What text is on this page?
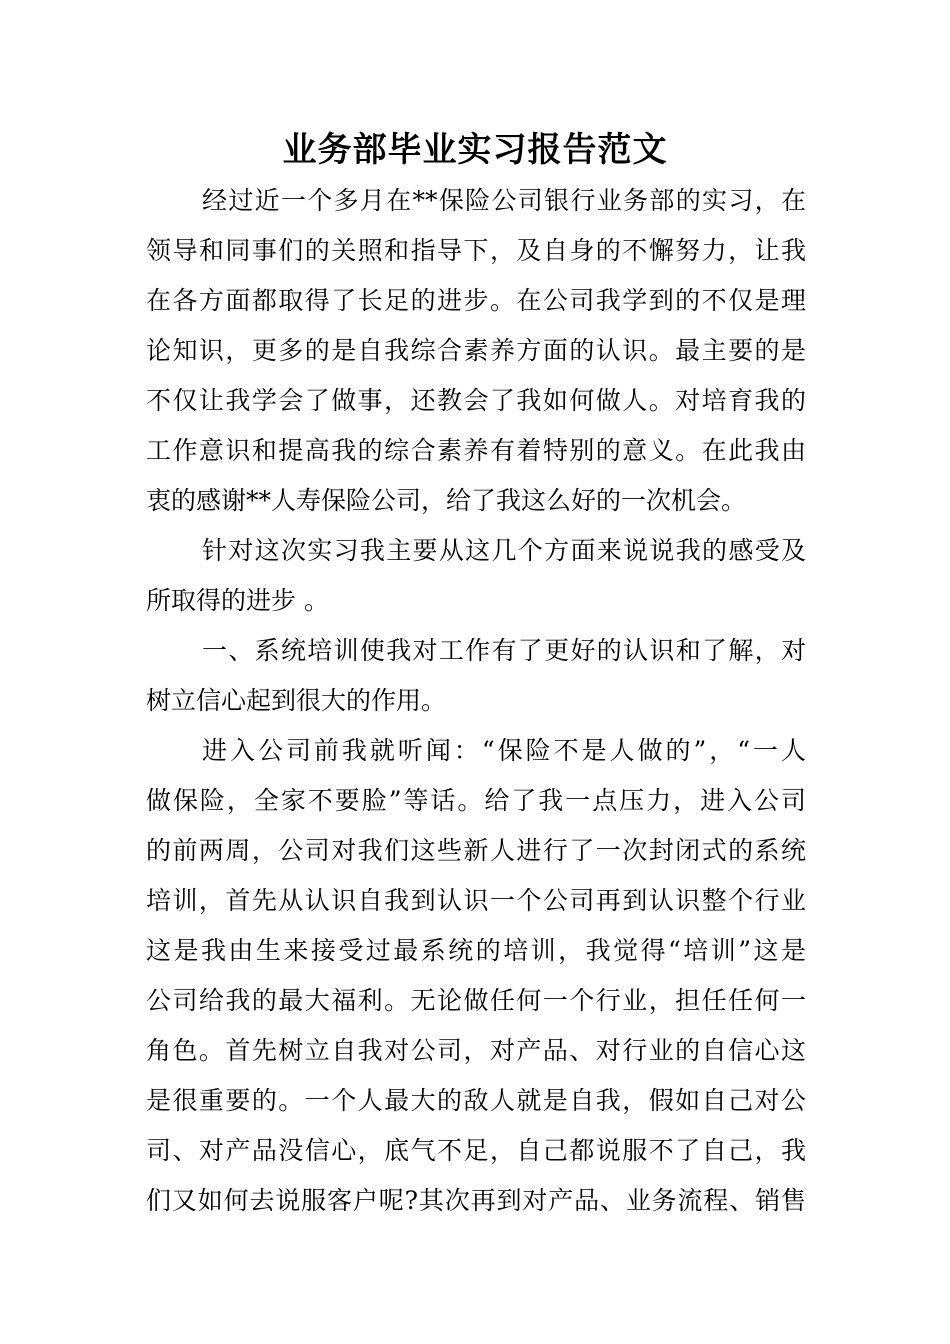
业务部毕业实习报告范文
经过近一个多月在**保险公司银行业务部的实习，在
领导和同事们的关照和指导下，及自身的不懈努力，让我
在各方面都取得了长足的进步。在公司我学到的不仅是理
论知识，更多的是自我综合素养方面的认识。最主要的是
不仅让我学会了做事，还教会了我如何做人。对培育我的
工作意识和提高我的综合素养有着特别的意义。在此我由
衷的感谢**人寿保险公司，给了我这么好的一次机会。
针对这次实习我主要从这几个方面来说说我的感受及
所取得的进步 。
一、系统培训使我对工作有了更好的认识和了解，对
树立信心起到很大的作用。
进入公司前我就听闻：“保险不是人做的”，“一人
做保险，全家不要脸”等话。给了我一点压力，进入公司
的前两周，公司对我们这些新人进行了一次封闭式的系统
培训，首先从认识自我到认识一个公司再到认识整个行业
这是我由生来接受过最系统的培训，我觉得“培训”这是
公司给我的最大福利。无论做任何一个行业，担任任何一
角色。首先树立自我对公司，对产品、对行业的自信心这
是很重要的。一个人最大的敌人就是自我，假如自己对公
司、对产品没信心，底气不足，自己都说服不了自己，我
们又如何去说服客户呢?其次再到对产品、业务流程、销售
